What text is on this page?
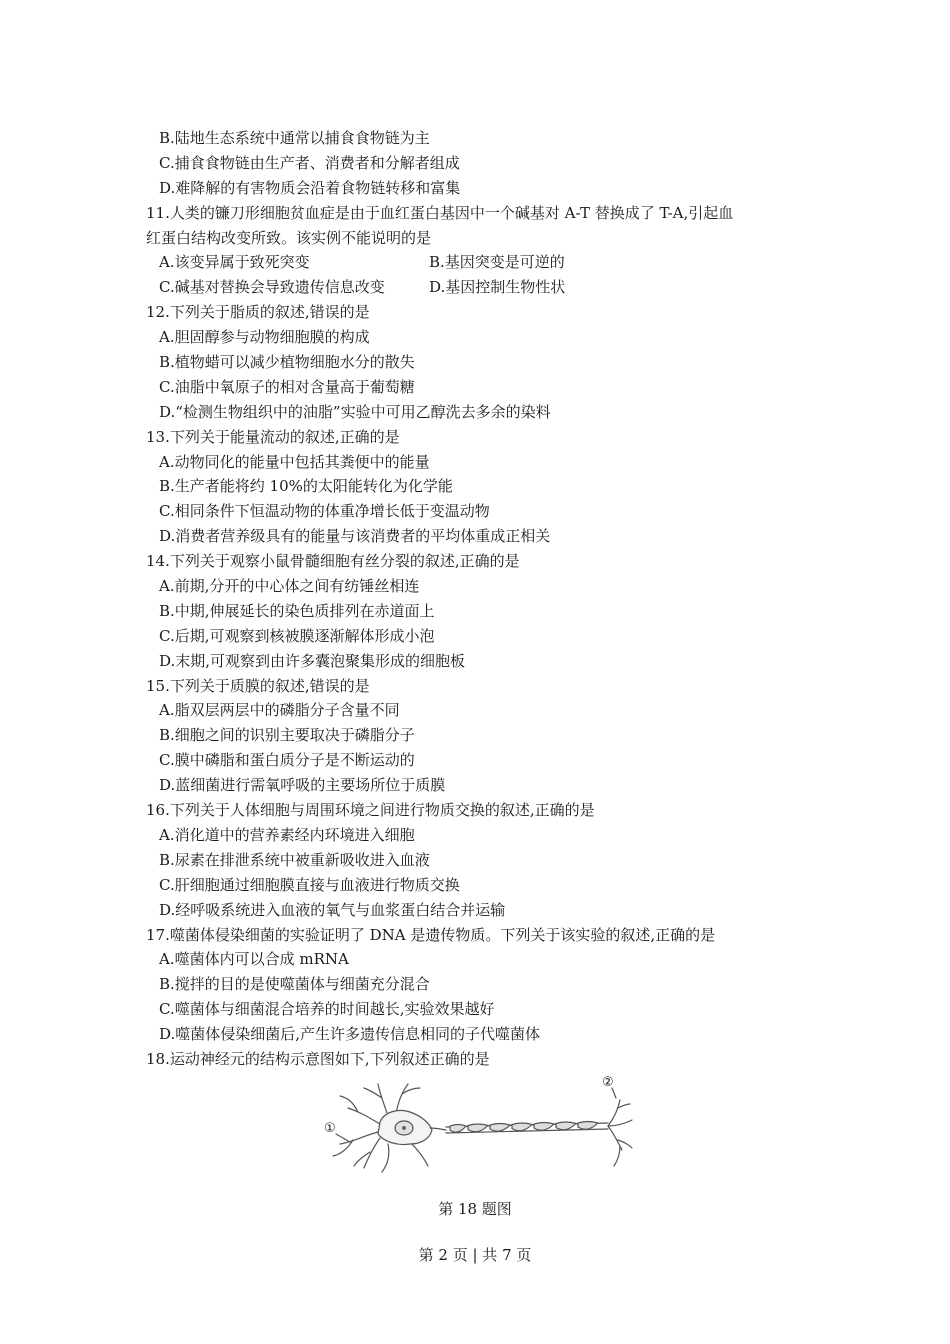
B.陆地生态系统中通常以捕食食物链为主
C.捕食食物链由生产者、消费者和分解者组成
D.难降解的有害物质会沿着食物链转移和富集
11.人类的镰刀形细胞贫血症是由于血红蛋白基因中一个碱基对 A-T 替换成了 T-A,引起血
红蛋白结构改变所致。该实例不能说明的是
A.该变异属于致死突变	B.基因突变是可逆的
C.碱基对替换会导致遗传信息改变	D.基因控制生物性状
12.下列关于脂质的叙述,错误的是
A.胆固醇参与动物细胞膜的构成
B.植物蜡可以减少植物细胞水分的散失
C.油脂中氧原子的相对含量高于葡萄糖
D.“检测生物组织中的油脂”实验中可用乙醇洗去多余的染料
13.下列关于能量流动的叙述,正确的是
A.动物同化的能量中包括其粪便中的能量
B.生产者能将约 10%的太阳能转化为化学能
C.相同条件下恒温动物的体重净增长低于变温动物
D.消费者营养级具有的能量与该消费者的平均体重成正相关
14.下列关于观察小鼠骨髓细胞有丝分裂的叙述,正确的是
A.前期,分开的中心体之间有纺锤丝相连
B.中期,伸展延长的染色质排列在赤道面上
C.后期,可观察到核被膜逐渐解体形成小泡
D.末期,可观察到由许多囊泡聚集形成的细胞板
15.下列关于质膜的叙述,错误的是
A.脂双层两层中的磷脂分子含量不同
B.细胞之间的识别主要取决于磷脂分子
C.膜中磷脂和蛋白质分子是不断运动的
D.蓝细菌进行需氧呼吸的主要场所位于质膜
16.下列关于人体细胞与周围环境之间进行物质交换的叙述,正确的是
A.消化道中的营养素经内环境进入细胞
B.尿素在排泄系统中被重新吸收进入血液
C.肝细胞通过细胞膜直接与血液进行物质交换
D.经呼吸系统进入血液的氧气与血浆蛋白结合并运输
17.噬菌体侵染细菌的实验证明了 DNA 是遗传物质。下列关于该实验的叙述,正确的是
A.噬菌体内可以合成 mRNA
B.搅拌的目的是使噬菌体与细菌充分混合
C.噬菌体与细菌混合培养的时间越长,实验效果越好
D.噬菌体侵染细菌后,产生许多遗传信息相同的子代噬菌体
18.运动神经元的结构示意图如下,下列叙述正确的是
①
②
第 18 题图
第 2 页 | 共 7 页
